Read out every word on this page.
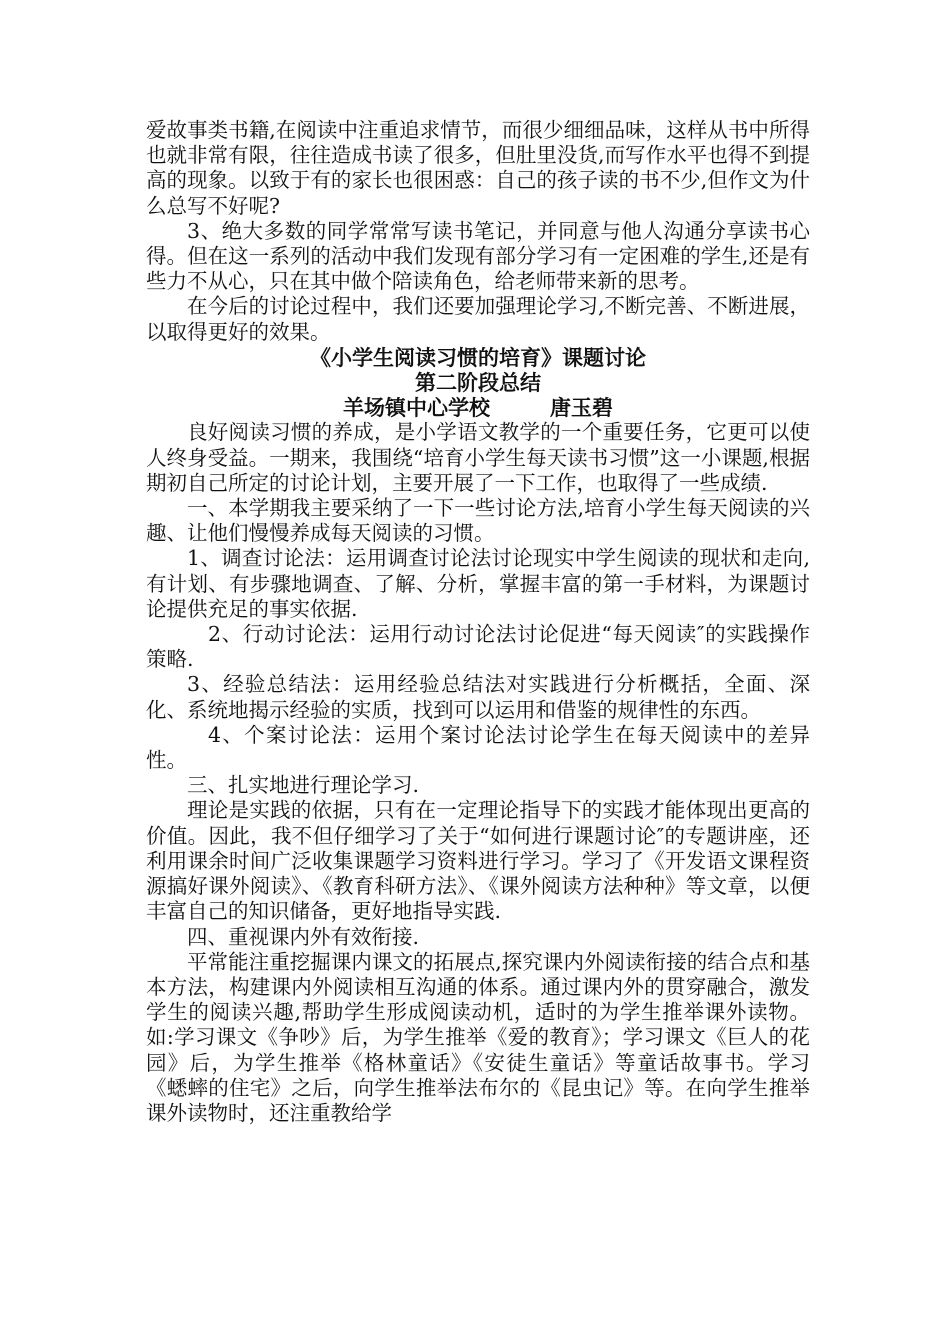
爱故事类书籍,在阅读中注重追求情节，而很少细细品味，这样从书中所得也就非常有限，往往造成书读了很多，但肚里没货,而写作水平也得不到提高的现象。以致于有的家长也很困惑：自己的孩子读的书不少,但作文为什么总写不好呢?

3、绝大多数的同学常常写读书笔记，并同意与他人沟通分享读书心得。但在这一系列的活动中我们发现有部分学习有一定困难的学生,还是有些力不从心，只在其中做个陪读角色，给老师带来新的思考。

在今后的讨论过程中，我们还要加强理论学习,不断完善、不断进展，以取得更好的效果。

《小学生阅读习惯的培育》课题讨论

第二阶段总结

羊场镇中心学校	唐玉碧

良好阅读习惯的养成，是小学语文教学的一个重要任务，它更可以使人终身受益。一期来，我围绕“培育小学生每天读书习惯”这一小课题,根据期初自己所定的讨论计划，主要开展了一下工作，也取得了一些成绩.

一、本学期我主要采纳了一下一些讨论方法,培育小学生每天阅读的兴趣、让他们慢慢养成每天阅读的习惯。

1、调查讨论法：运用调查讨论法讨论现实中学生阅读的现状和走向,有计划、有步骤地调查、了解、分析，掌握丰富的第一手材料，为课题讨论提供充足的事实依据.

2、行动讨论法：运用行动讨论法讨论促进“每天阅读″的实践操作策略.

3、经验总结法：运用经验总结法对实践进行分析概括，全面、深化、系统地揭示经验的实质，找到可以运用和借鉴的规律性的东西。

4、个案讨论法：运用个案讨论法讨论学生在每天阅读中的差异性。

三、扎实地进行理论学习.

理论是实践的依据，只有在一定理论指导下的实践才能体现出更高的价值。因此，我不但仔细学习了关于“如何进行课题讨论″的专题讲座，还利用课余时间广泛收集课题学习资料进行学习。学习了《开发语文课程资源搞好课外阅读》、《教育科研方法》、《课外阅读方法种种》等文章，以便丰富自己的知识储备，更好地指导实践.

四、重视课内外有效衔接.

平常能注重挖掘课内课文的拓展点,探究课内外阅读衔接的结合点和基本方法，构建课内外阅读相互沟通的体系。通过课内外的贯穿融合，激发学生的阅读兴趣,帮助学生形成阅读动机，适时的为学生推举课外读物。如:学习课文《争吵》后，为学生推举《爱的教育》；学习课文《巨人的花园》后，为学生推举《格林童话》《安徒生童话》等童话故事书。学习《蟋蟀的住宅》之后，向学生推举法布尔的《昆虫记》等。在向学生推举课外读物时，还注重教给学
